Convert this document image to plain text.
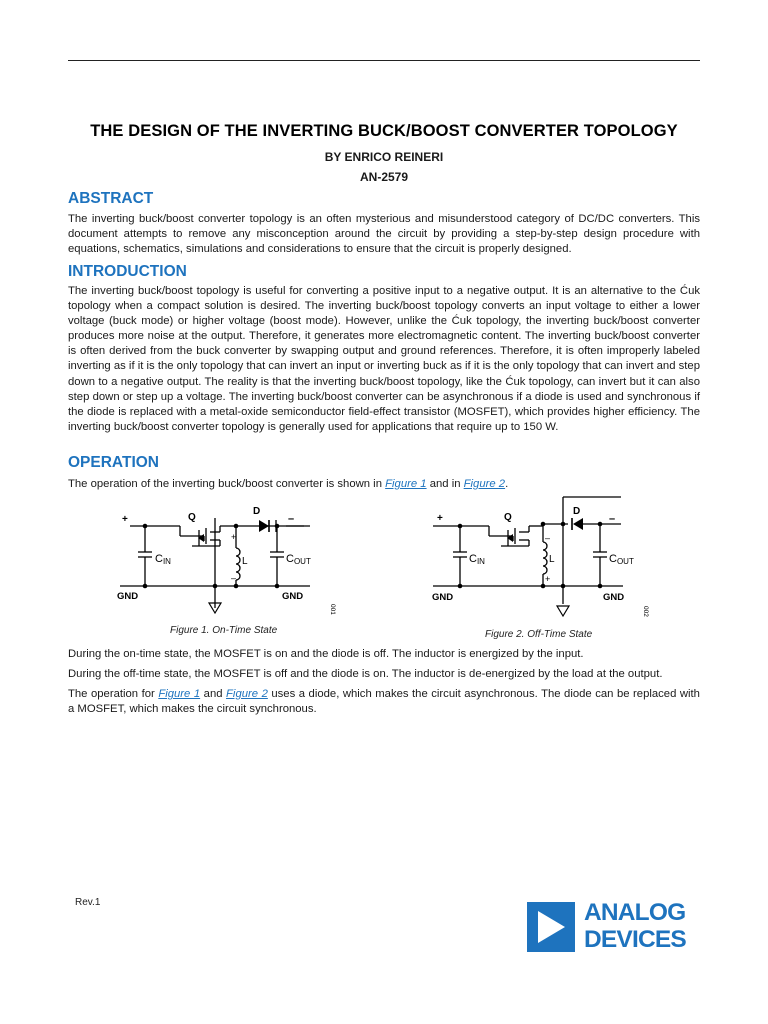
THE DESIGN OF THE INVERTING BUCK/BOOST CONVERTER TOPOLOGY
BY ENRICO REINERI
AN-2579
ABSTRACT

The inverting buck/boost converter topology is an often mysterious and misunderstood category of DC/DC converters. This document attempts to remove any misconception around the circuit by providing a step-by-step design procedure with equations, schematics, simulations and considerations to ensure that the circuit is properly designed.

INTRODUCTION

The inverting buck/boost topology is useful for converting a positive input to a negative output. It is an alternative to the Ćuk topology when a compact solution is desired. The inverting buck/boost topology converts an input voltage to either a lower voltage (buck mode) or higher voltage (boost mode). However, unlike the Ćuk topology, the inverting buck/boost converter produces more noise at the output. Therefore, it generates more electromagnetic content. The inverting buck/boost converter is often derived from the buck converter by swapping output and ground references. Therefore, it is often improperly labeled inverting as if it is the only topology that can invert an input or inverting buck as if it is the only topology that can invert and step down to a negative output. The reality is that the inverting buck/boost topology, like the Ćuk topology, can invert but it can also step down or step up a voltage. The inverting buck/boost converter can be asynchronous if a diode is used and synchronous if the diode is replaced with a metal-oxide semiconductor field-effect transistor (MOSFET), which provides higher efficiency. The inverting buck/boost converter topology is generally used for applications that require up to 150 W.

OPERATION

The operation of the inverting buck/boost converter is shown in Figure 1 and in Figure 2.

+	–
Q
D
CIN	COUT
L
+
–
GND	GND
001
Figure 1. On-Time State
+	–
Q
D
CIN	COUT
L
–
+
GND	GND
002
Figure 2. Off-Time State

During the on-time state, the MOSFET is on and the diode is off. The inductor is energized by the input.

During the off-time state, the MOSFET is off and the diode is on. The inductor is de-energized by the load at the output.

The operation for Figure 1 and Figure 2 uses a diode, which makes the circuit asynchronous. The diode can be replaced with a MOSFET, which makes the circuit synchronous.

Rev.1	ANALOG
DEVICES
